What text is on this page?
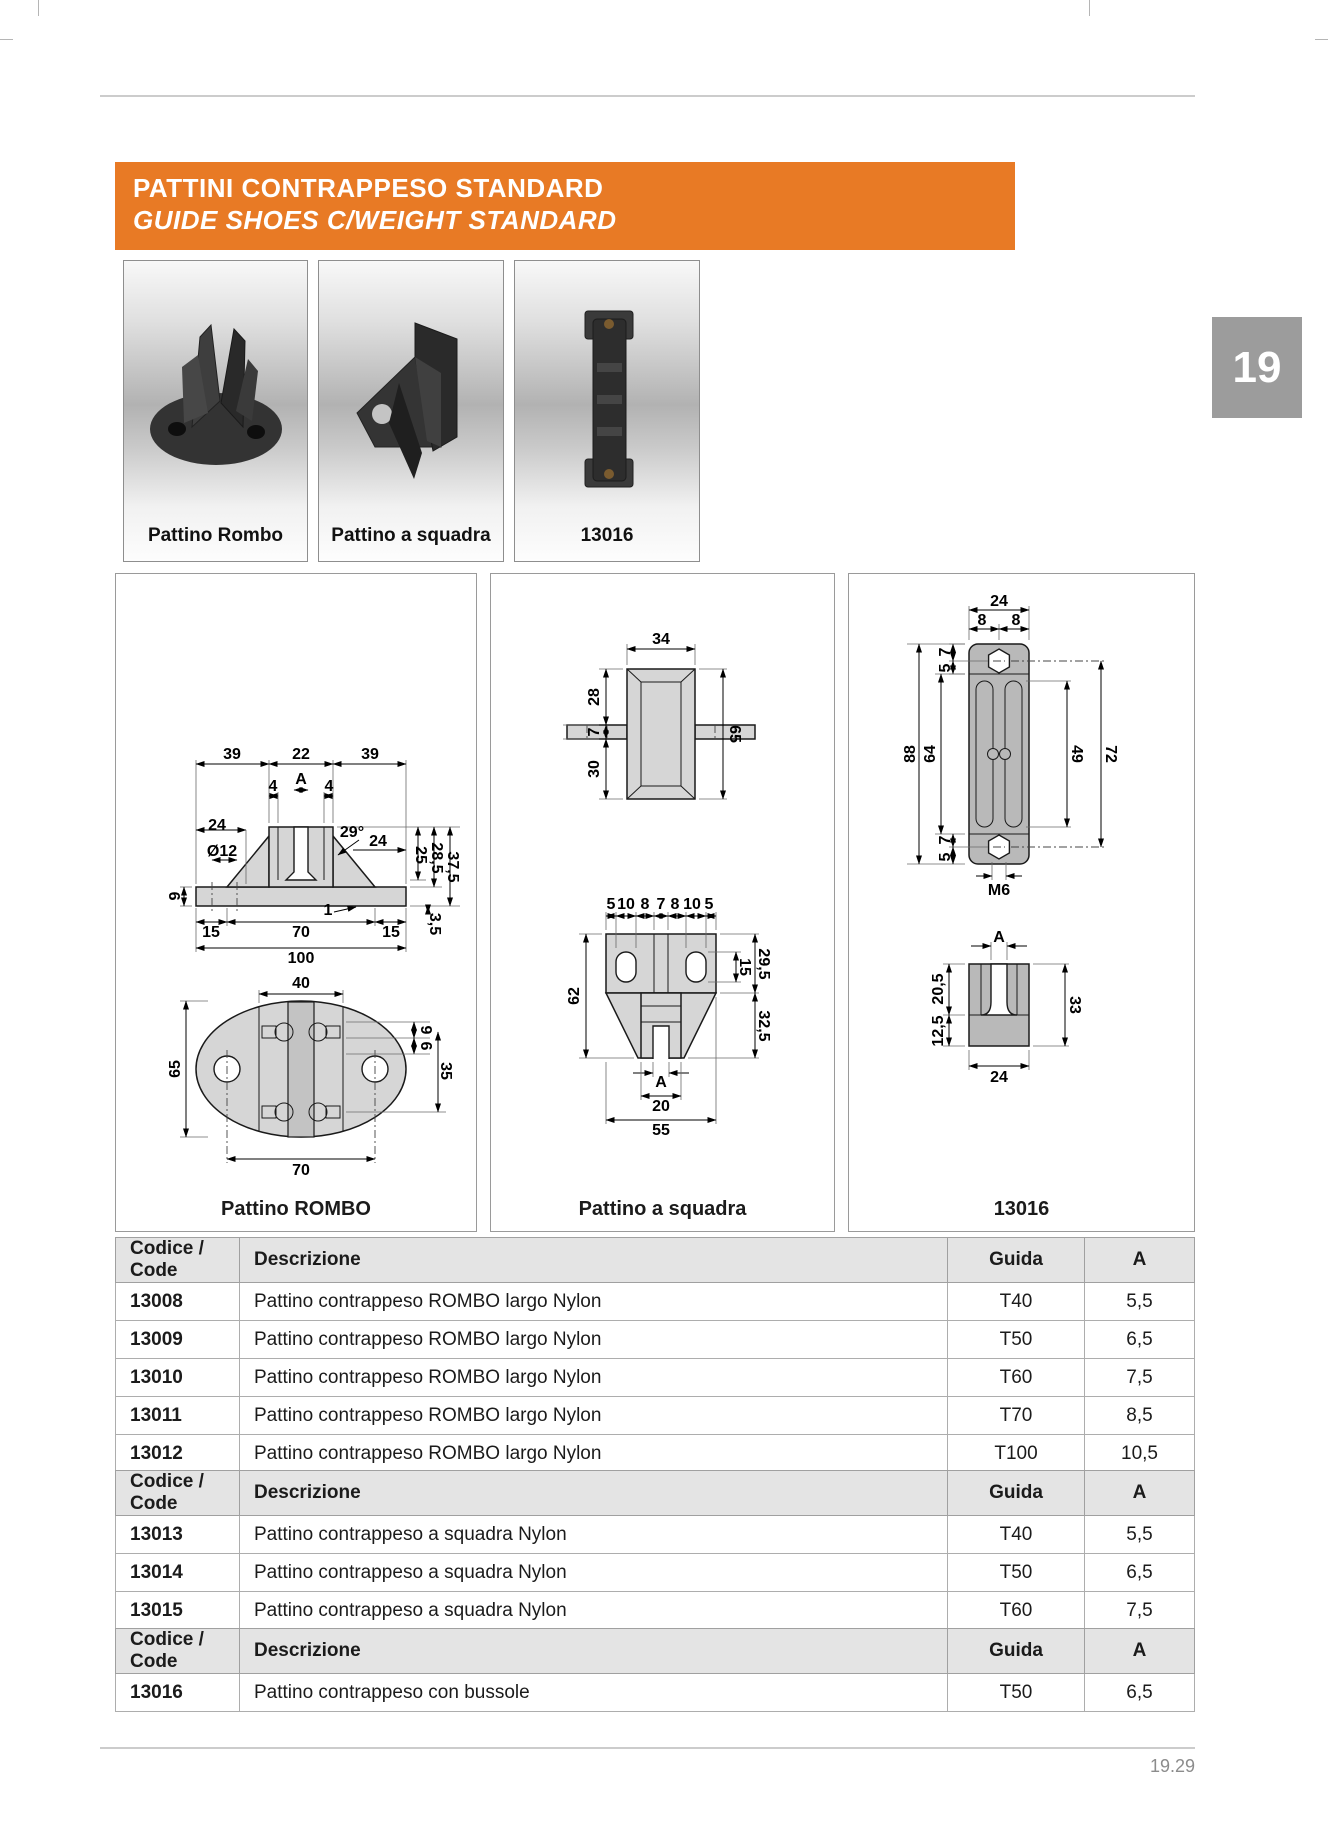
PATTINI CONTRAPPESO STANDARD
GUIDE SHOES C/WEIGHT STANDARD
19
Pattino Rombo	Pattino a squadra	13016
Pattino ROMBO
39	22	39
4 A 4
29°
24
24
Ø12
9
15	70	15
100
1
25 28,5 37,5
3,5
40
65
9
6
35
70
Pattino a squadra
34
28
7
30
65
5 10 8 7 8 10 5
62
15 29,5
32,5
A
20
55
13016
24
8 8
7
5
88 64	49 72
7
5
M6
A
20,5
12,5
33
24
Codice / Code	Descrizione	Guida	A
13008	Pattino contrappeso ROMBO largo Nylon	T40	5,5
13009	Pattino contrappeso ROMBO largo Nylon	T50	6,5
13010	Pattino contrappeso ROMBO largo Nylon	T60	7,5
13011	Pattino contrappeso ROMBO largo Nylon	T70	8,5
13012	Pattino contrappeso ROMBO largo Nylon	T100	10,5
Codice / Code	Descrizione	Guida	A
13013	Pattino contrappeso a squadra Nylon	T40	5,5
13014	Pattino contrappeso a squadra Nylon	T50	6,5
13015	Pattino contrappeso a squadra Nylon	T60	7,5
Codice / Code	Descrizione	Guida	A
13016	Pattino contrappeso con bussole	T50	6,5
19.29
